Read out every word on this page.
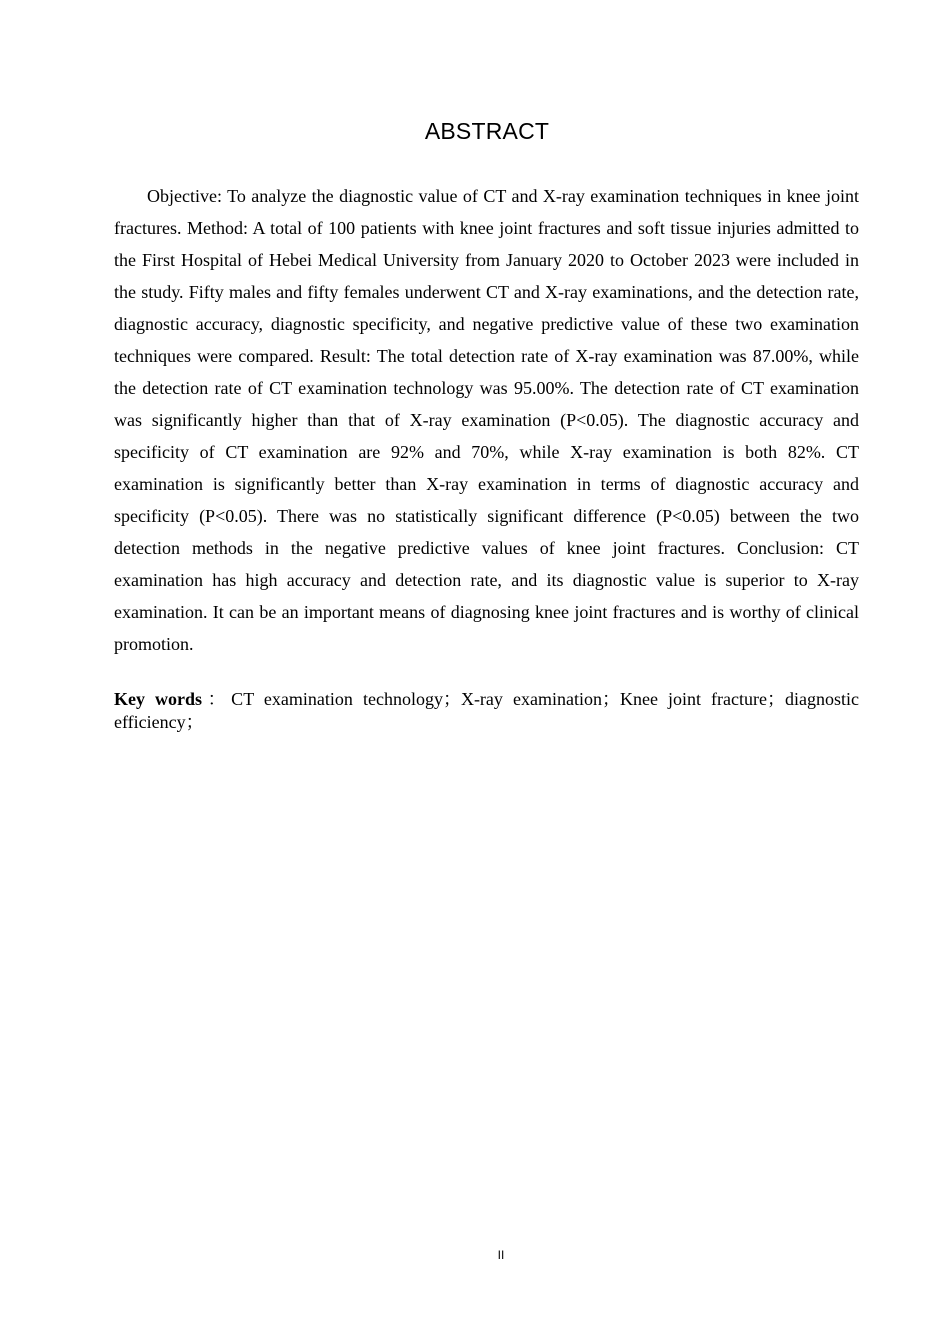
ABSTRACT

Objective: To analyze the diagnostic value of CT and X-ray examination techniques in knee joint fractures. Method: A total of 100 patients with knee joint fractures and soft tissue injuries admitted to the First Hospital of Hebei Medical University from January 2020 to October 2023 were included in the study. Fifty males and fifty females underwent CT and X-ray examinations, and the detection rate, diagnostic accuracy, diagnostic specificity, and negative predictive value of these two examination techniques were compared. Result: The total detection rate of X-ray examination was 87.00%, while the detection rate of CT examination technology was 95.00%. The detection rate of CT examination was significantly higher than that of X-ray examination (P<0.05). The diagnostic accuracy and specificity of CT examination are 92% and 70%, while X-ray examination is both 82%. CT examination is significantly better than X-ray examination in terms of diagnostic accuracy and specificity (P<0.05). There was no statistically significant difference (P<0.05) between the two detection methods in the negative predictive values of knee joint fractures. Conclusion: CT examination has high accuracy and detection rate, and its diagnostic value is superior to X-ray examination. It can be an important means of diagnosing knee joint fractures and is worthy of clinical promotion.

Key words：CT examination technology；X-ray examination；Knee joint fracture；diagnostic efficiency；

II
